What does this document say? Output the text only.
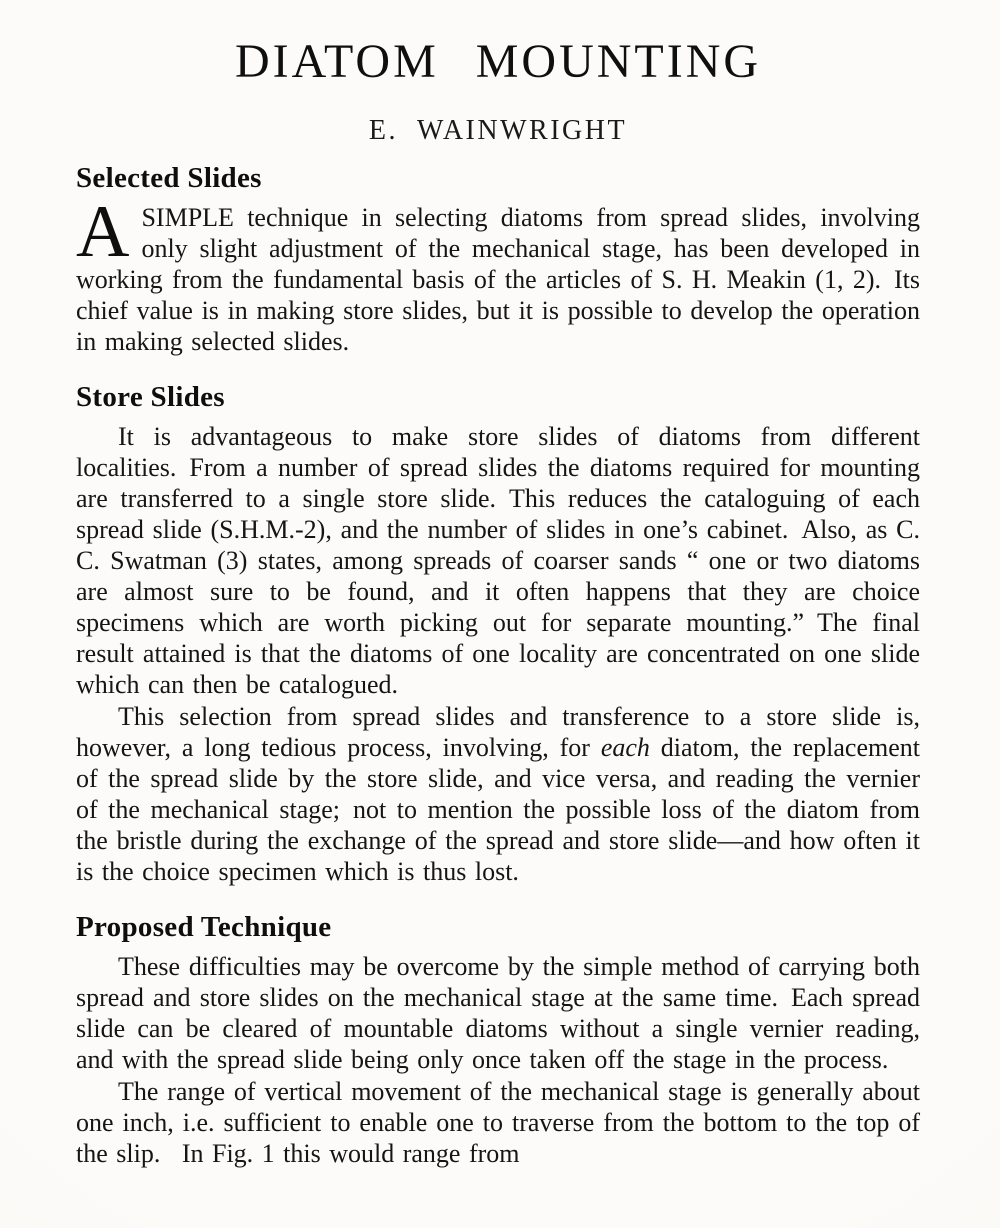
DIATOM MOUNTING
E. WAINWRIGHT
Selected Slides

ASIMPLE technique in selecting diatoms from spread slides, involving only slight adjustment of the mechanical stage, has been developed in working from the fundamental basis of the articles of S. H. Meakin (1, 2). Its chief value is in making store slides, but it is possible to develop the operation in making selected slides.

Store Slides

It is advantageous to make store slides of diatoms from different localities. From a number of spread slides the diatoms required for mounting are transferred to a single store slide. This reduces the cataloguing of each spread slide (S.H.M.-2), and the number of slides in one’s cabinet. Also, as C. C. Swatman (3) states, among spreads of coarser sands “ one or two diatoms are almost sure to be found, and it often happens that they are choice specimens which are worth picking out for separate mounting.” The final result attained is that the diatoms of one locality are concentrated on one slide which can then be catalogued.

This selection from spread slides and transference to a store slide is, however, a long tedious process, involving, for each diatom, the replacement of the spread slide by the store slide, and vice versa, and reading the vernier of the mechanical stage; not to mention the possible loss of the diatom from the bristle during the exchange of the spread and store slide—and how often it is the choice specimen which is thus lost.

Proposed Technique

These difficulties may be overcome by the simple method of carrying both spread and store slides on the mechanical stage at the same time. Each spread slide can be cleared of mountable diatoms without a single vernier reading, and with the spread slide being only once taken off the stage in the process.

The range of vertical movement of the mechanical stage is generally about one inch, i.e. sufficient to enable one to traverse from the bottom to the top of the slip.  In Fig. 1 this would range from
